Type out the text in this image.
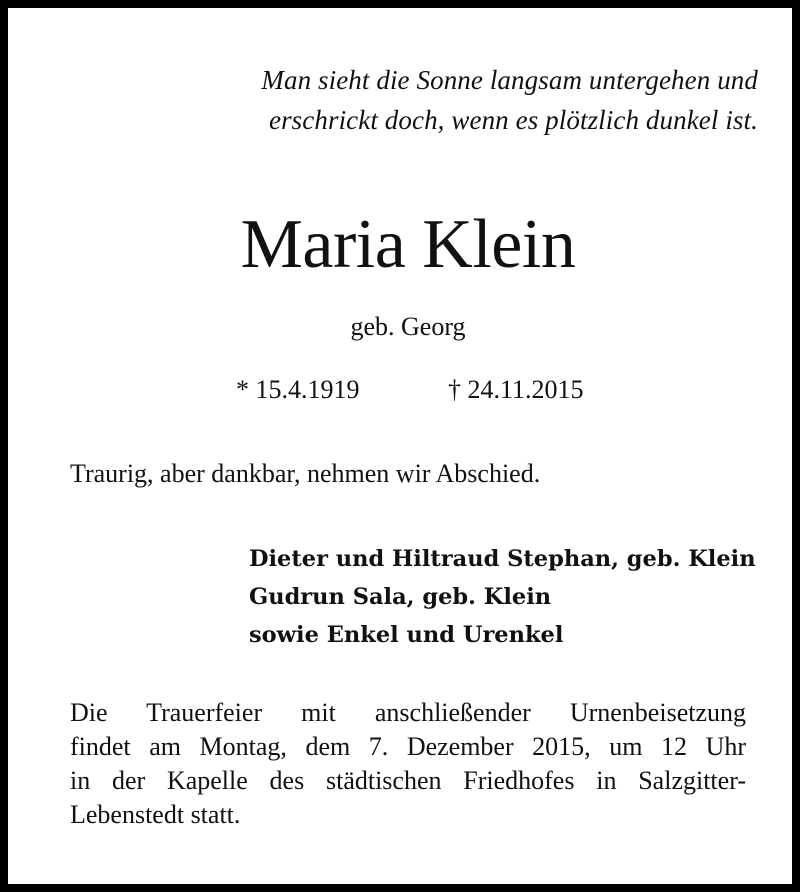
Man sieht die Sonne langsam untergehen und
erschrickt doch, wenn es plötzlich dunkel ist.
Maria Klein
geb. Georg
* 15.4.1919	† 24.11.2015
Traurig, aber dankbar, nehmen wir Abschied.
Dieter und Hiltraud Stephan, geb. Klein
Gudrun Sala, geb. Klein
sowie Enkel und Urenkel
Die Trauerfeier mit anschließender Urnenbeisetzung
findet am Montag, dem 7. Dezember 2015, um 12 Uhr
in der Kapelle des städtischen Friedhofes in Salzgitter-
Lebenstedt statt.
